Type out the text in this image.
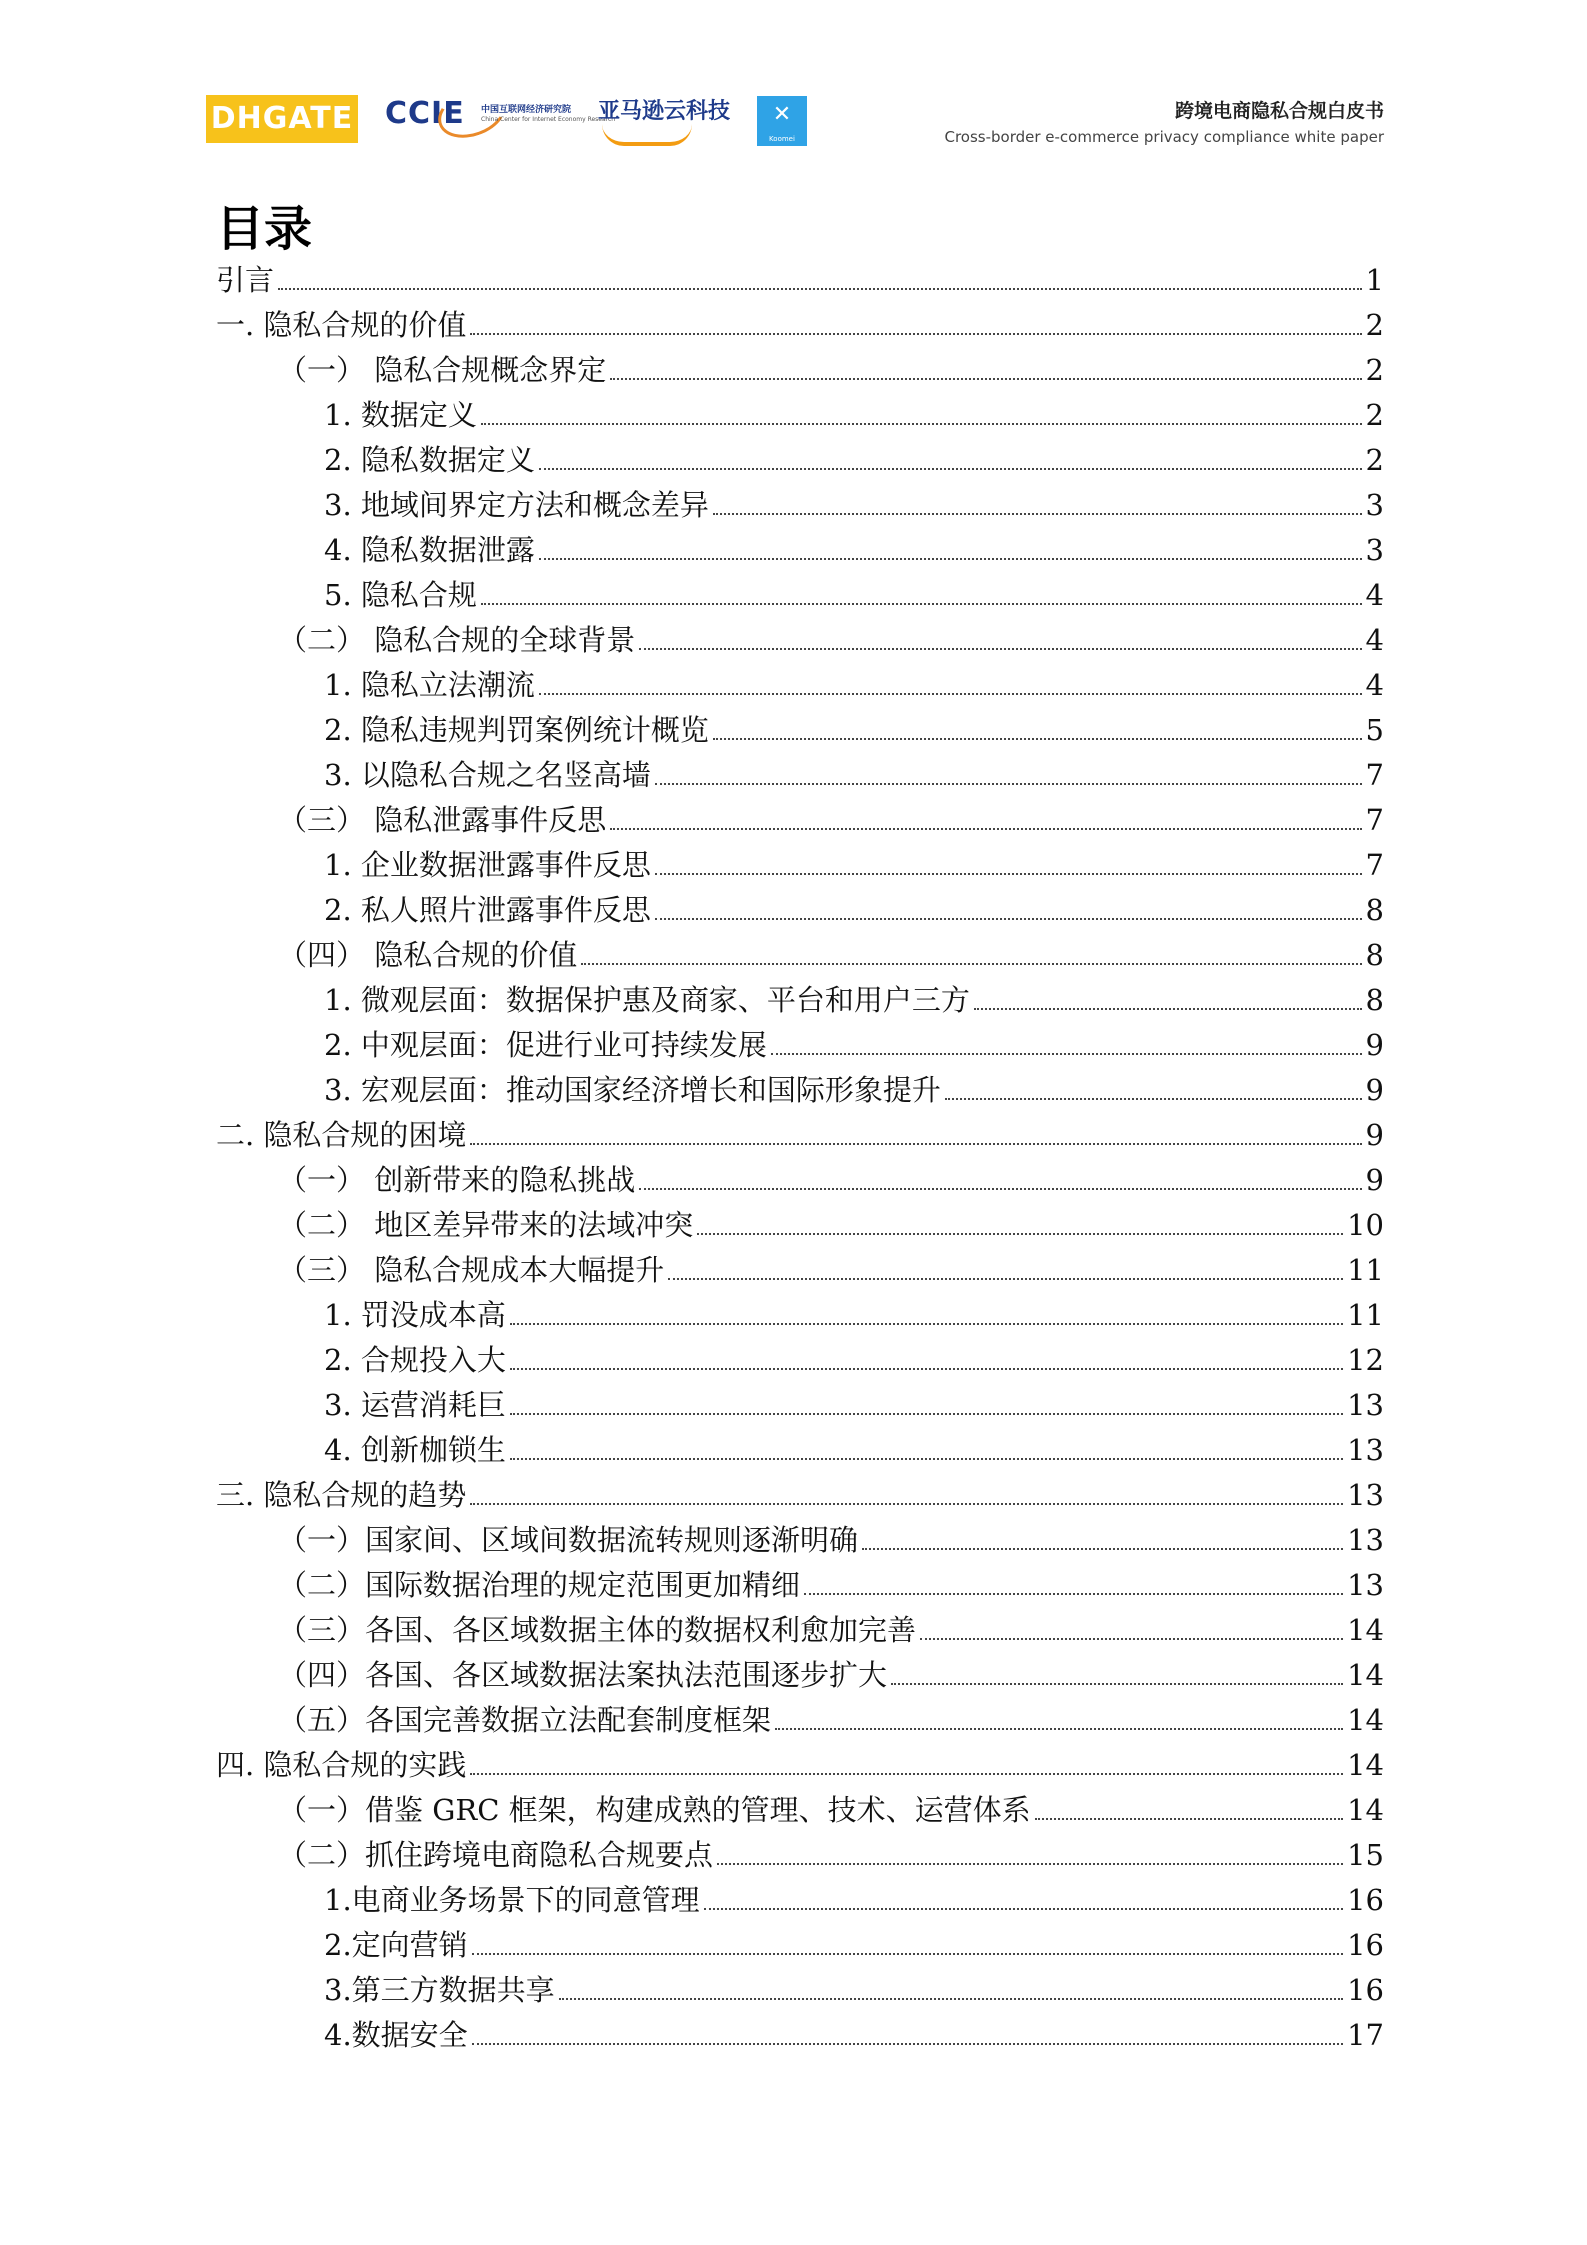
DHGATE CCIE 中国互联网经济研究院
China Center for Internet Economy Research
亚马逊云科技	✕
Koomei
跨境电商隐私合规白皮书
Cross-border e-commerce privacy compliance white paper
目录
引言	1
一. 隐私合规的价值	2
（一） 隐私合规概念界定	2
1. 数据定义	2
2. 隐私数据定义	2
3. 地域间界定方法和概念差异	3
4. 隐私数据泄露	3
5. 隐私合规	4
（二） 隐私合规的全球背景	4
1. 隐私立法潮流	4
2. 隐私违规判罚案例统计概览	5
3. 以隐私合规之名竖高墙	7
（三） 隐私泄露事件反思	7
1. 企业数据泄露事件反思	7
2. 私人照片泄露事件反思	8
（四） 隐私合规的价值	8
1. 微观层面：数据保护惠及商家、平台和用户三方	8
2. 中观层面：促进行业可持续发展	9
3. 宏观层面：推动国家经济增长和国际形象提升	9
二. 隐私合规的困境	9
（一） 创新带来的隐私挑战	9
（二） 地区差异带来的法域冲突	10
（三） 隐私合规成本大幅提升	11
1. 罚没成本高	11
2. 合规投入大	12
3. 运营消耗巨	13
4. 创新枷锁生	13
三. 隐私合规的趋势	13
（一）国家间、区域间数据流转规则逐渐明确	13
（二）国际数据治理的规定范围更加精细	13
（三）各国、各区域数据主体的数据权利愈加完善	14
（四）各国、各区域数据法案执法范围逐步扩大	14
（五）各国完善数据立法配套制度框架	14
四. 隐私合规的实践	14
（一）借鉴 GRC 框架，构建成熟的管理、技术、运营体系	14
（二）抓住跨境电商隐私合规要点	15
1.电商业务场景下的同意管理	16
2.定向营销	16
3.第三方数据共享	16
4.数据安全	17
